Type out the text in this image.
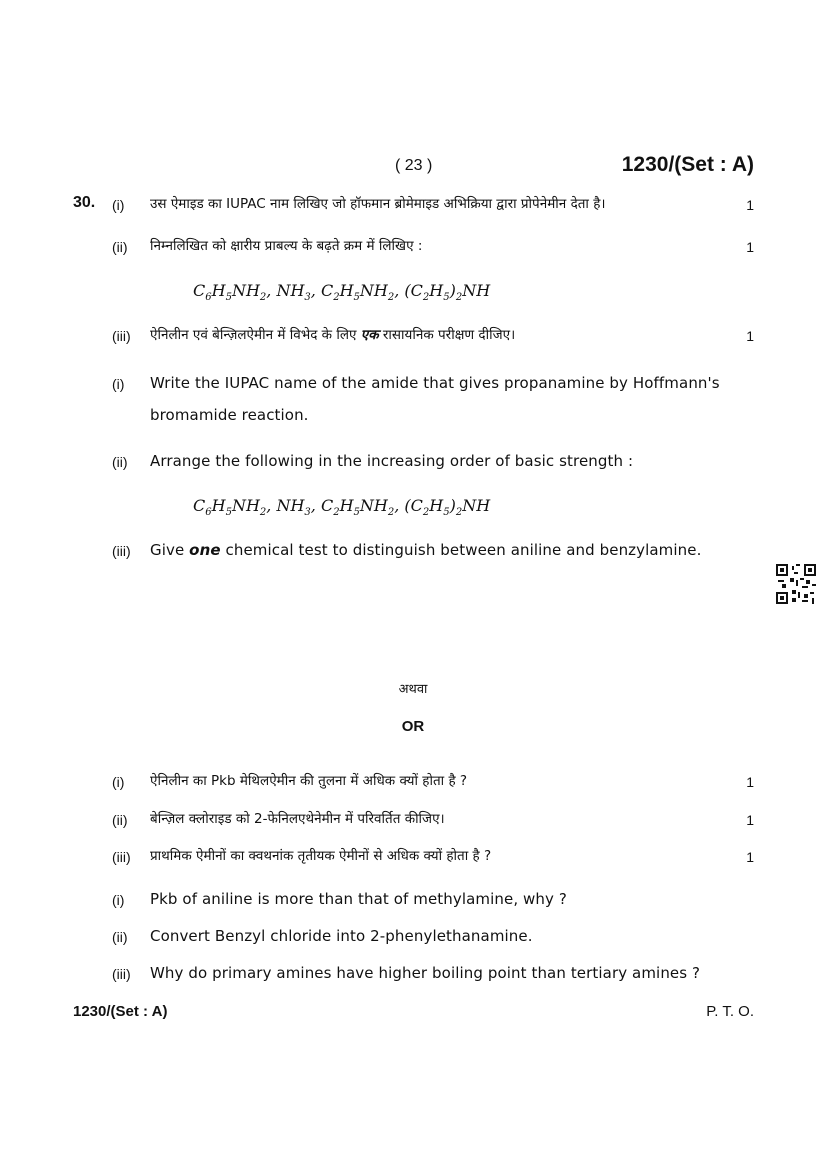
( 23 )	1230/(Set : A)
30. (i) उस ऐमाइड का IUPAC नाम लिखिए जो हॉफमान ब्रोमेमाइड अभिक्रिया द्वारा प्रोपेनेमीन देता है।	1
(ii) निम्नलिखित को क्षारीय प्राबल्य के बढ़ते क्रम में लिखिए :	1
$C_6H_5NH_2$, $NH_3$, $C_2H_5NH_2$, $(C_2H_5)_2NH$
(iii) ऐनिलीन एवं बेन्ज़िलऐमीन में विभेद के लिए एक रासायनिक परीक्षण दीजिए।	1
(i) Write the IUPAC name of the amide that gives propanamine by Hoffmann's
bromamide reaction.
(ii) Arrange the following in the increasing order of basic strength :
$C_6H_5NH_2$, $NH_3$, $C_2H_5NH_2$, $(C_2H_5)_2NH$
(iii) Give one chemical test to distinguish between aniline and benzylamine.
अथवा
OR
(i) ऐनिलीन का Pkb मेथिलऐमीन की तुलना में अधिक क्यों होता है ?	1
(ii) बेन्ज़िल क्लोराइड को 2-फेनिलएथेनेमीन में परिवर्तित कीजिए।	1
(iii) प्राथमिक ऐमीनों का क्वथनांक तृतीयक ऐमीनों से अधिक क्यों होता है ?	1
(i) Pkb of aniline is more than that of methylamine, why ?
(ii) Convert Benzyl chloride into 2-phenylethanamine.
(iii) Why do primary amines have higher boiling point than tertiary amines ?
1230/(Set : A)	P. T. O.
